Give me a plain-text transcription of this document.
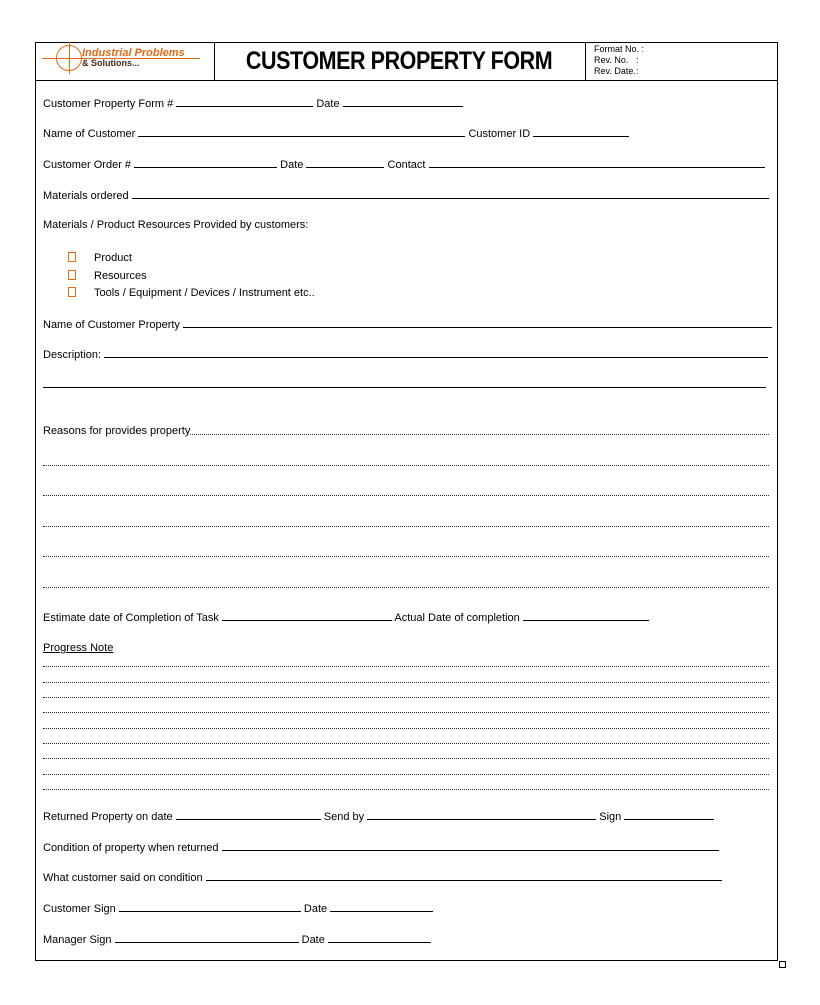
Industrial Problems
& Solutions...	CUSTOMER PROPERTY FORM	Format No. :
Rev. No. :
Rev. Date. :
Customer Property Form #	Date
Name of Customer	Customer ID
Customer Order #	Date	Contact
Materials ordered
Materials / Product Resources Provided by customers:
Product
Resources
Tools / Equipment / Devices / Instrument etc..
Name of Customer Property
Description:
Reasons for provides property
Estimate date of Completion of Task	Actual Date of completion
Progress Note
Returned Property on date	Send by	Sign
Condition of property when returned
What customer said on condition
Customer Sign	Date
Manager Sign	Date
